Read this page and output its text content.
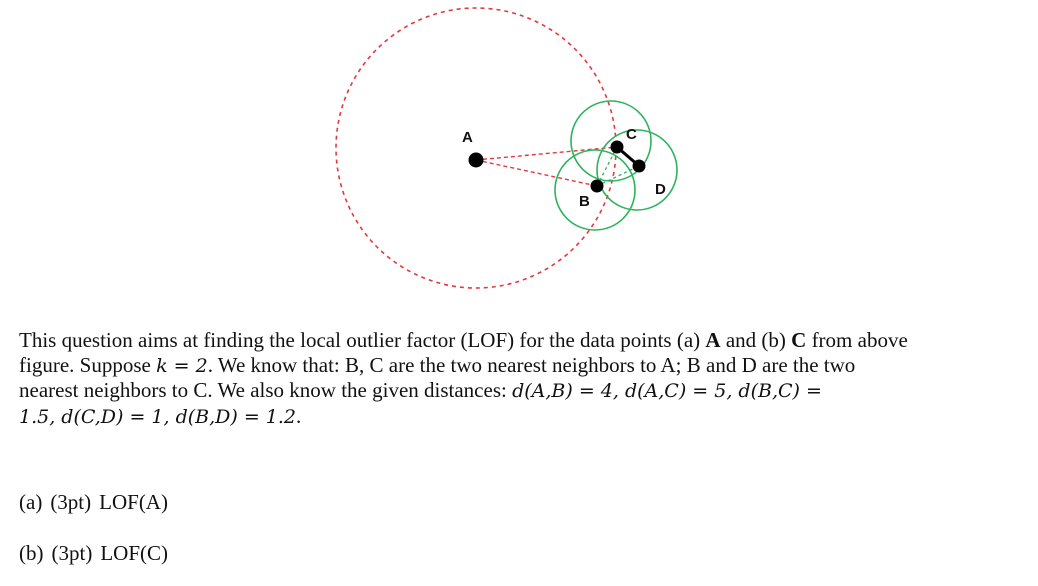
A
B
C
D

This question aims at finding the local outlier factor (LOF) for the data points (a) A and (b) C from above
figure. Suppose k = 2. We know that: B, C are the two nearest neighbors to A; B and D are the two
nearest neighbors to C. We also know the given distances: d(A,B) = 4, d(A,C) = 5, d(B,C) =
1.5, d(C,D) = 1, d(B,D) = 1.2.

(a) (3pt) LOF(A)

(b) (3pt) LOF(C)
